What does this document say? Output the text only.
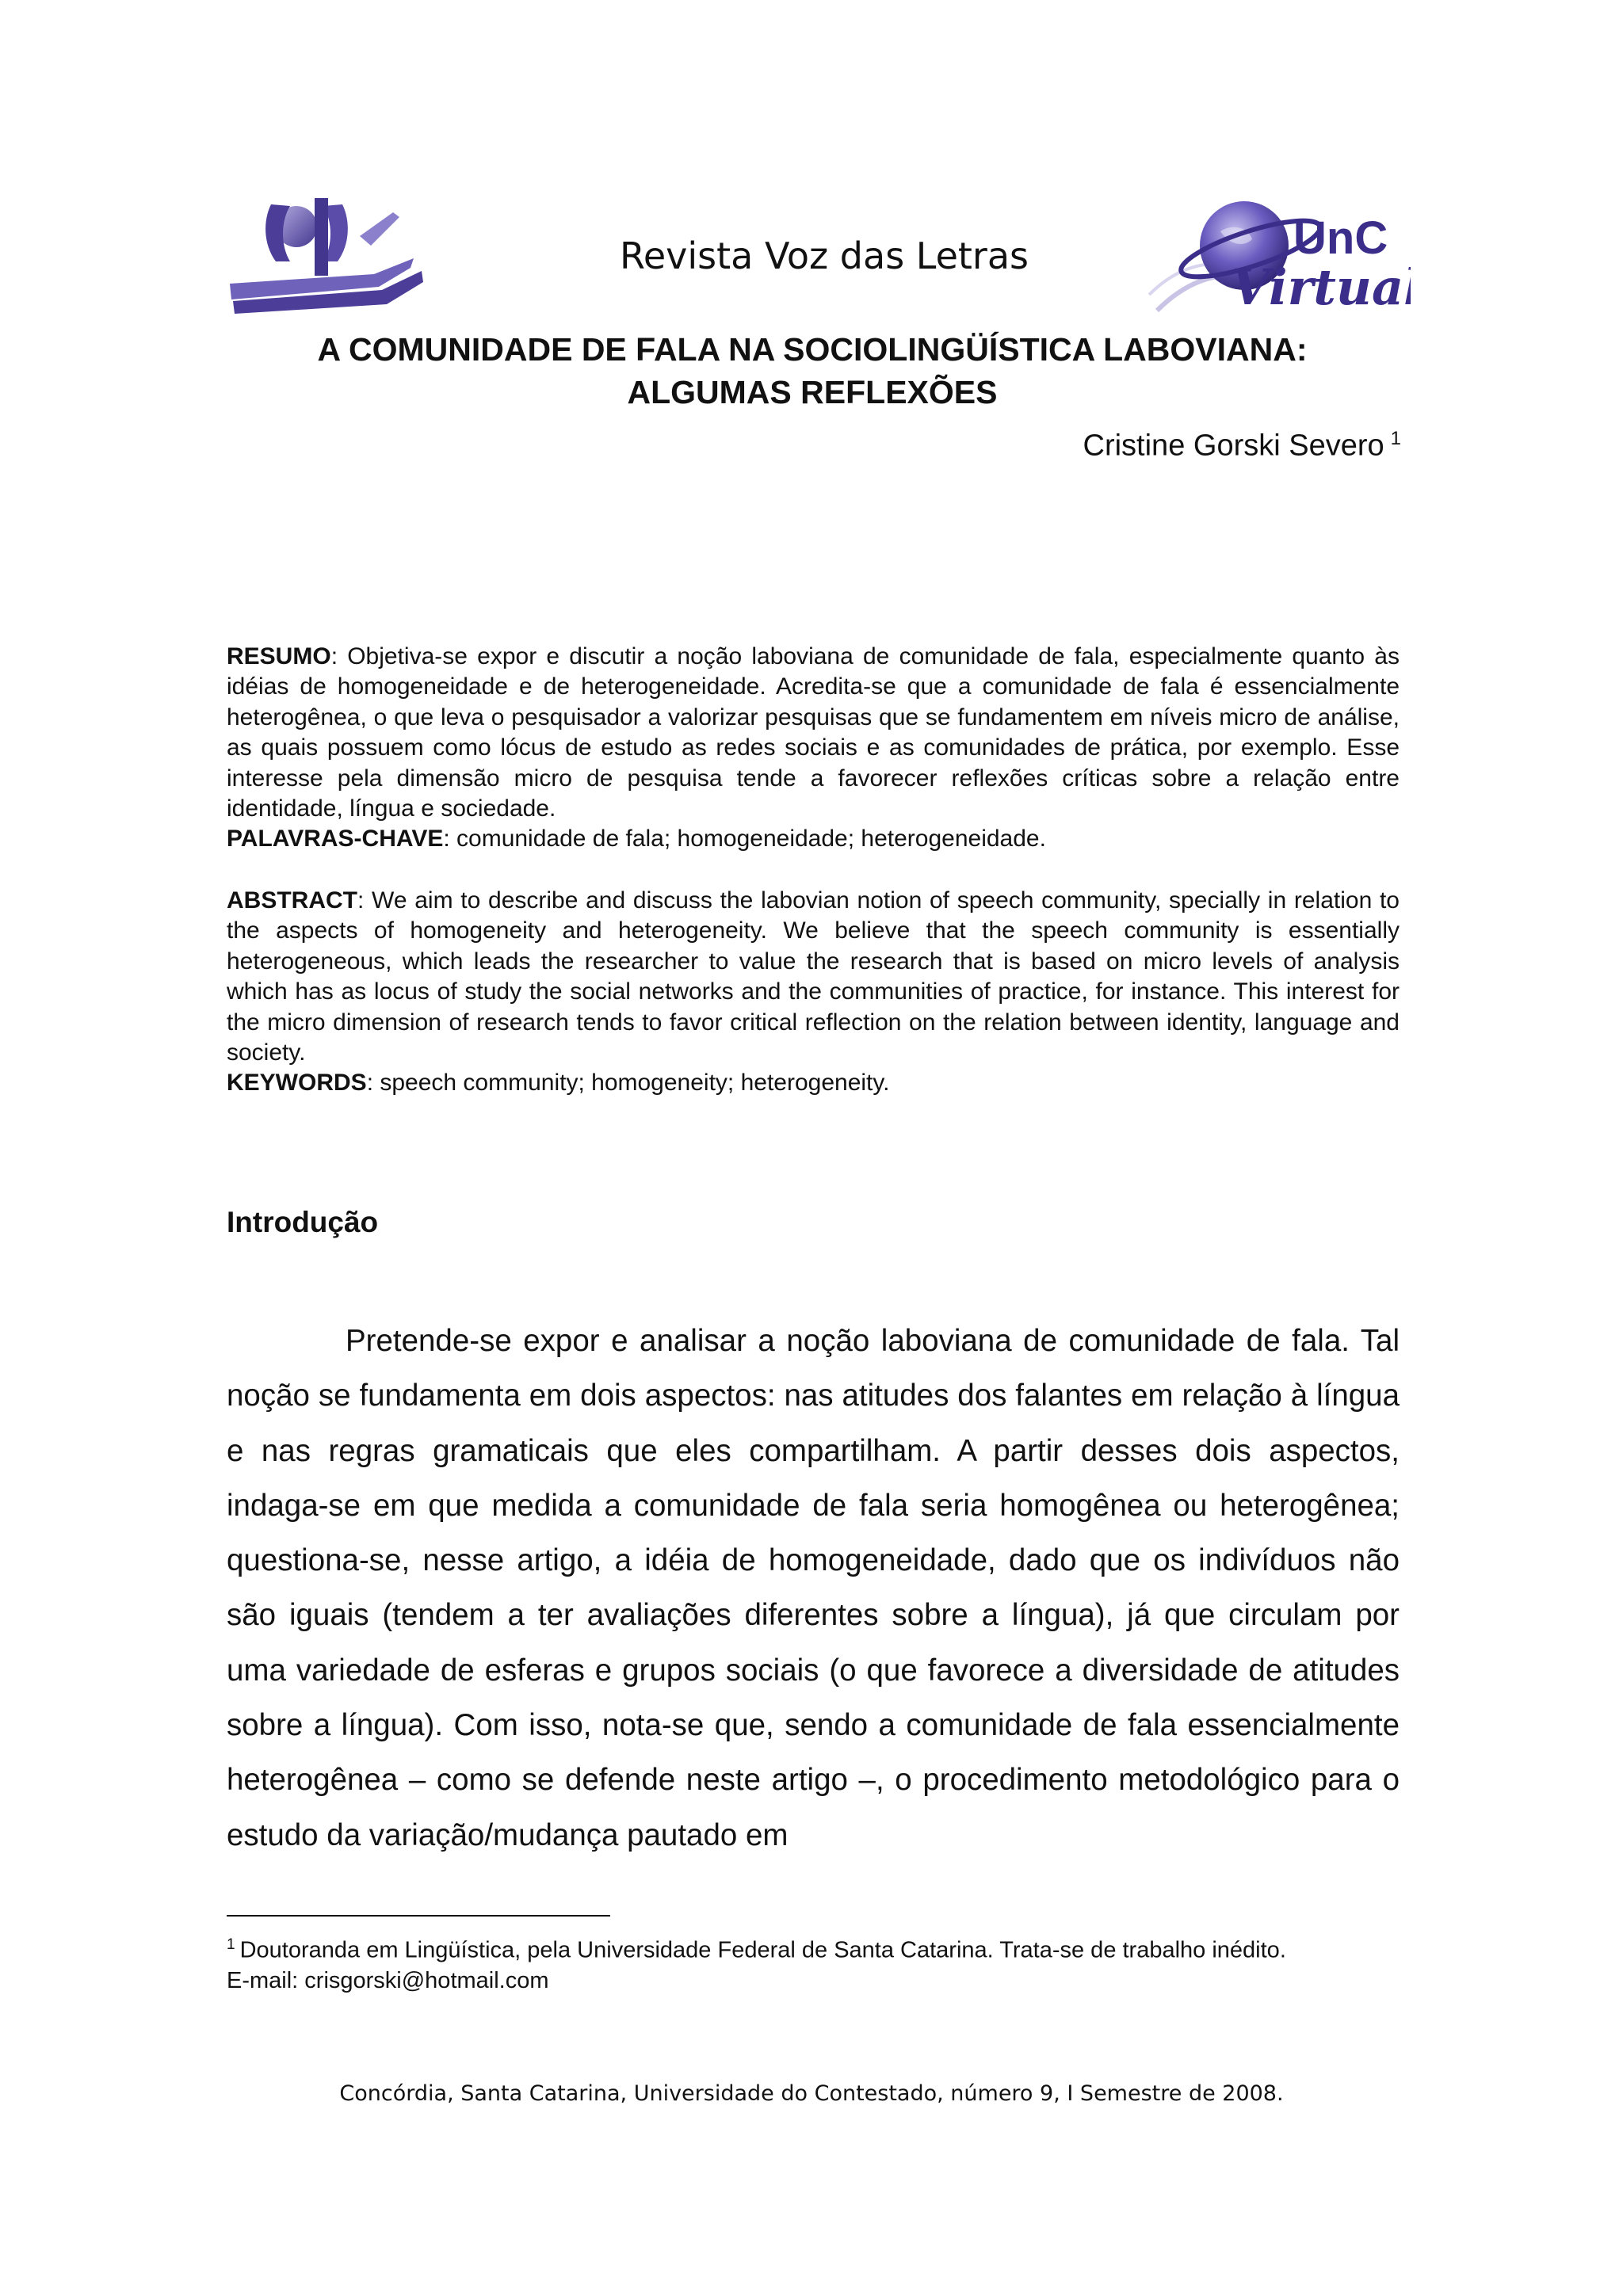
Revista Voz das Letras	UnC
Virtual
A COMUNIDADE DE FALA NA SOCIOLINGÜÍSTICA LABOVIANA:
ALGUMAS REFLEXÕES
Cristine Gorski Severo $^1$

RESUMO: Objetiva-se expor e discutir a noção laboviana de comunidade de fala, especialmente quanto às idéias de homogeneidade e de heterogeneidade. Acredita-se que a comunidade de fala é essencialmente heterogênea, o que leva o pesquisador a valorizar pesquisas que se fundamentem em níveis micro de análise, as quais possuem como lócus de estudo as redes sociais e as comunidades de prática, por exemplo. Esse interesse pela dimensão micro de pesquisa tende a favorecer reflexões críticas sobre a relação entre identidade, língua e sociedade.

PALAVRAS-CHAVE: comunidade de fala; homogeneidade; heterogeneidade.

ABSTRACT: We aim to describe and discuss the labovian notion of speech community, specially in relation to the aspects of homogeneity and heterogeneity. We believe that the speech community is essentially heterogeneous, which leads the researcher to value the research that is based on micro levels of analysis which has as locus of study the social networks and the communities of practice, for instance. This interest for the micro dimension of research tends to favor critical reflection on the relation between identity, language and society.

KEYWORDS: speech community; homogeneity; heterogeneity.

Introdução

Pretende-se expor e analisar a noção laboviana de comunidade de fala. Tal noção se fundamenta em dois aspectos: nas atitudes dos falantes em relação à língua e nas regras gramaticais que eles compartilham. A partir desses dois aspectos, indaga-se em que medida a comunidade de fala seria homogênea ou heterogênea; questiona-se, nesse artigo, a idéia de homogeneidade, dado que os indivíduos não são iguais (tendem a ter avaliações diferentes sobre a língua), já que circulam por uma variedade de esferas e grupos sociais (o que favorece a diversidade de atitudes sobre a língua). Com isso, nota-se que, sendo a comunidade de fala essencialmente heterogênea – como se defende neste artigo –, o procedimento metodológico para o estudo da variação/mudança pautado em

$^1$ Doutoranda em Lingüística, pela Universidade Federal de Santa Catarina. Trata-se de trabalho inédito.
E-mail: crisgorski@hotmail.com
Concórdia, Santa Catarina, Universidade do Contestado, número 9, I Semestre de 2008.
